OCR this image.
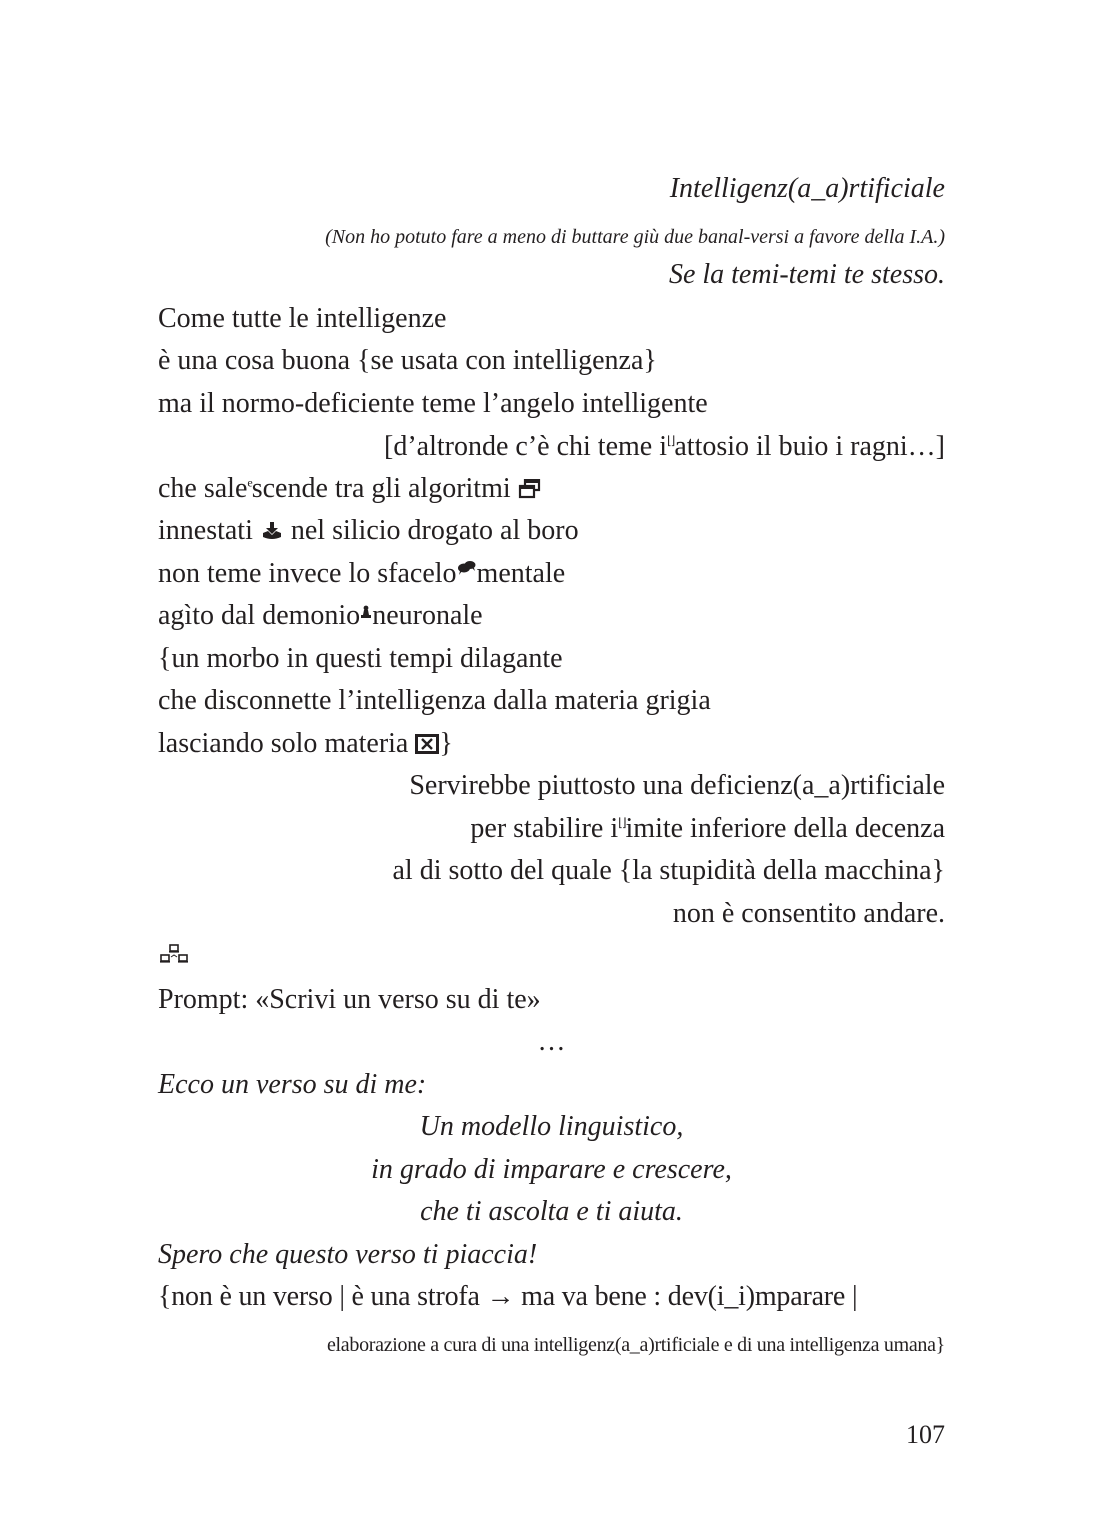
Intelligenz(a_a)rtificiale
(Non ho potuto fare a meno di buttare giù due banal-versi a favore della I.A.)
Se la temi-temi te stesso.
Come tutte le intelligenze
è una cosa buona {se usata con intelligenza}
ma il normo-deficiente teme l’angelo intelligente
[d’altronde c’è chi teme i⌊⌋attosio il buio i ragni…]
che sale$^e$scende tra gli algoritmi
innestati  nel silicio drogato al boro
non teme invece lo sfacelo mentale
agìto dal demonio neuronale
{un morbo in questi tempi dilagante
che disconnette l’intelligenza dalla materia grigia
lasciando solo materia }
Servirebbe piuttosto una deficienz(a_a)rtificiale
per stabilire i⌊⌋imite inferiore della decenza
al di sotto del quale {la stupidità della macchina}
non è consentito andare.
Prompt: «Scrivi un verso su di te»
…
Ecco un verso su di me:
Un modello linguistico,
in grado di imparare e crescere,
che ti ascolta e ti aiuta.
Spero che questo verso ti piaccia!
{non è un verso | è una strofa → ma va bene : dev(i_i)mparare |
elaborazione a cura di una intelligenz(a_a)rtificiale e di una intelligenza umana}
107
